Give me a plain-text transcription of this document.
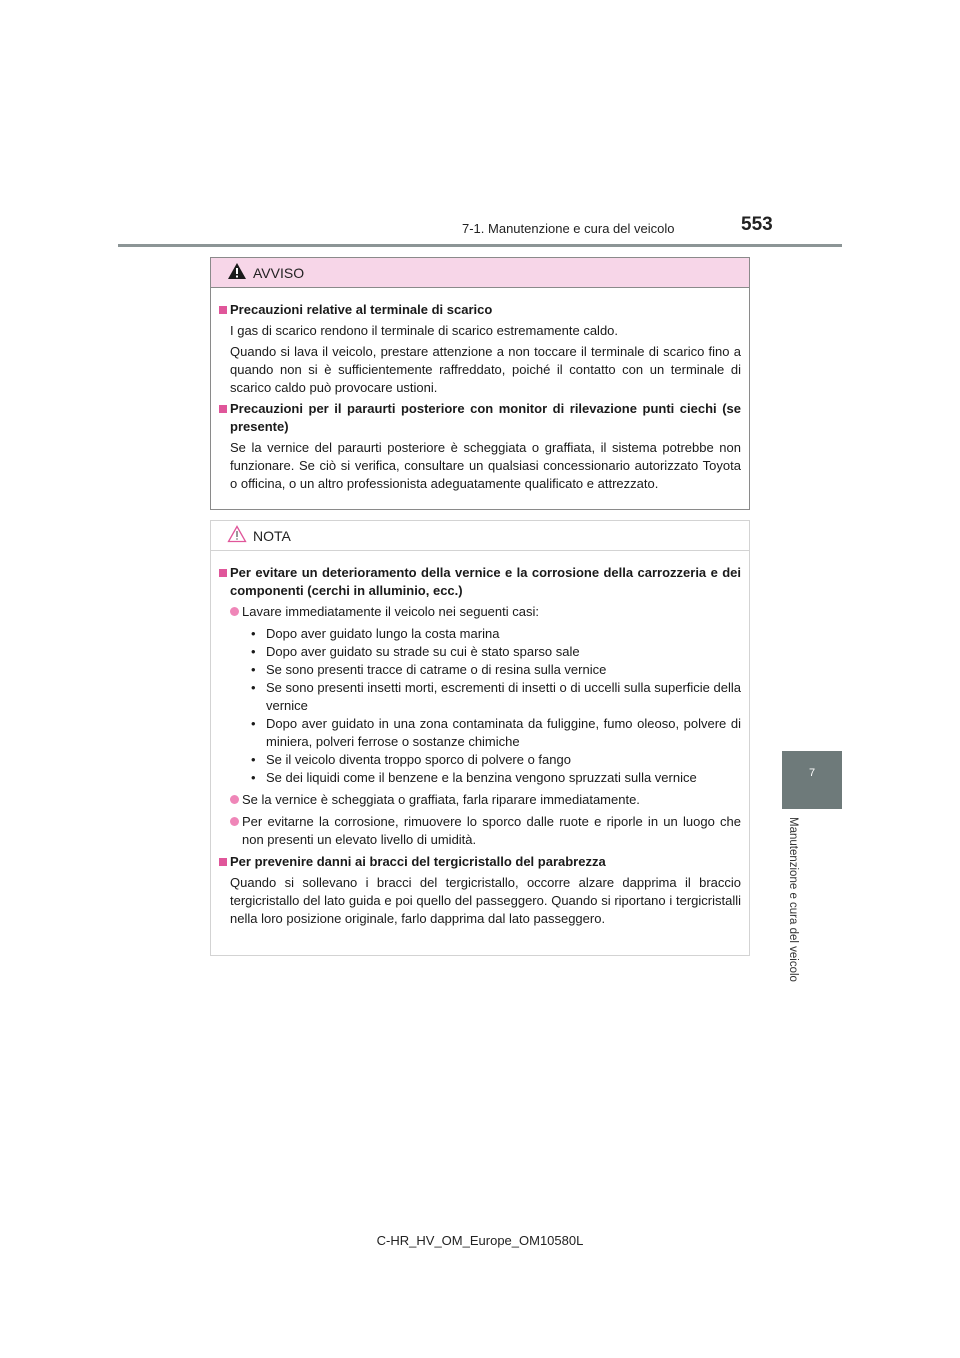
7-1. Manutenzione e cura del veicolo	553
7
Manutenzione e cura del veicolo
AVVISO
Precauzioni relative al terminale di scarico
I gas di scarico rendono il terminale di scarico estremamente caldo.
Quando si lava il veicolo, prestare attenzione a non toccare il terminale di scarico fino a quando non si è sufficientemente raffreddato, poiché il contatto con un terminale di scarico caldo può provocare ustioni.
Precauzioni per il paraurti posteriore con monitor di rilevazione punti ciechi (se presente)
Se la vernice del paraurti posteriore è scheggiata o graffiata, il sistema potrebbe non funzionare. Se ciò si verifica, consultare un qualsiasi concessionario autorizzato Toyota o officina, o un altro professionista adeguatamente qualificato e attrezzato.
NOTA
Per evitare un deterioramento della vernice e la corrosione della carrozzeria e dei componenti (cerchi in alluminio, ecc.)
Lavare immediatamente il veicolo nei seguenti casi:
• Dopo aver guidato lungo la costa marina
• Dopo aver guidato su strade su cui è stato sparso sale
• Se sono presenti tracce di catrame o di resina sulla vernice
• Se sono presenti insetti morti, escrementi di insetti o di uccelli sulla superficie della vernice
• Dopo aver guidato in una zona contaminata da fuliggine, fumo oleoso, polvere di miniera, polveri ferrose o sostanze chimiche
• Se il veicolo diventa troppo sporco di polvere o fango
• Se dei liquidi come il benzene e la benzina vengono spruzzati sulla vernice
Se la vernice è scheggiata o graffiata, farla riparare immediatamente.
Per evitarne la corrosione, rimuovere lo sporco dalle ruote e riporle in un luogo che non presenti un elevato livello di umidità.
Per prevenire danni ai bracci del tergicristallo del parabrezza
Quando si sollevano i bracci del tergicristallo, occorre alzare dapprima il braccio tergicristallo del lato guida e poi quello del passeggero. Quando si riportano i tergicristalli nella loro posizione originale, farlo dapprima dal lato passeggero.
C-HR_HV_OM_Europe_OM10580L
